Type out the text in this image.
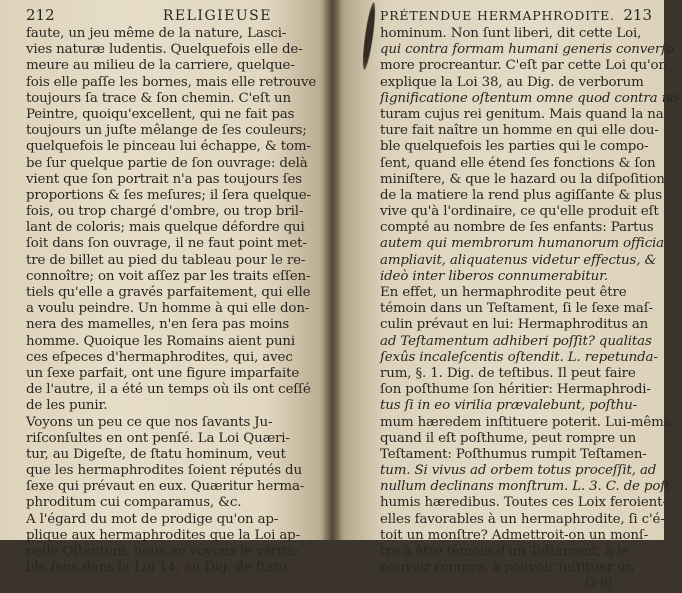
212	RELIGIEUSE
faute, un jeu même de la nature, Lasci-
vies naturæ ludentis. Quelquefois elle de-
meure au milieu de la carriere, quelque-
fois elle paſſe les bornes, mais elle retrouve
toujours ſa trace & ſon chemin. C'eſt un
Peintre, quoiqu'excellent, qui ne fait pas
toujours un juſte mêlange de ſes couleurs;
quelquefois le pinceau lui échappe, & tom-
be ſur quelque partie de ſon ouvrage: delà
vient que ſon portrait n'a pas toujours ſes
proportions & ſes meſures; il ſera quelque-
fois, ou trop chargé d'ombre, ou trop bril-
lant de coloris; mais quelque défordre qui
ſoit dans ſon ouvrage, il ne faut point met-
tre de billet au pied du tableau pour le re-
connoître; on voit aſſez par les traits eſſen-
tiels qu'elle a gravés parfaitement, qui elle
a voulu peindre. Un homme à qui elle don-
nera des mamelles, n'en ſera pas moins
homme. Quoique les Romains aient puni
ces eſpeces d'hermaphrodites, qui, avec
un ſexe parfait, ont une figure imparfaite
de l'autre, il a été un temps où ils ont ceſſé
de les punir.
Voyons un peu ce que nos ſavants Ju-
riſconſultes en ont penſé. La Loi Quæri-
tur, au Digeſte, de ſtatu hominum, veut
que les hermaphrodites ſoient réputés du
ſexe qui prévaut en eux. Quæritur herma-
phroditum cui comparamus, &c.
A l'égard du mot de prodige qu'on ap-
plique aux hermaphrodites que la Loi ap-
pelle Oſtentum, nous en voyons le vérita-
ble ſens dans la Loi 14, au Dig. de ſtatu
PRÉTENDUE HERMAPHRODITE. 213
hominum. Non ſunt liberi, dit cette Loi,
qui contra formam humani generis converſo
more procreantur. C'eſt par cette Loi qu'on
explique la Loi 38, au Dig. de verborum
ſignificatione oſtentum omne quod contra na-
turam cujus rei genitum. Mais quand la na-
ture fait naître un homme en qui elle dou-
ble quelquefois les parties qui le compo-
ſent, quand elle étend ſes fonctions & ſon
miniſtere, & que le hazard ou la diſpoſition
de la matiere la rend plus agiſſante & plus
vive qu'à l'ordinaire, ce qu'elle produit eſt
compté au nombre de ſes enfants: Partus
autem qui membrorum humanorum officia
ampliavit, aliquatenus videtur effectus, &
ideò inter liberos connumerabitur.
En effet, un hermaphrodite peut être
témoin dans un Teſtament, ſi le ſexe maſ-
culin prévaut en lui: Hermaphroditus an
ad Teſtamentum adhiberi poſſit? qualitas
ſexûs incaleſcentis oſtendit. L. repetunda-
rum, §. 1. Dig. de teſtibus. Il peut faire
ſon poſthume ſon héritier: Hermaphrodi-
tus ſi in eo virilia prævalebunt, poſthu-
mum hæredem inſtituere poterit. Lui-même
quand il eſt poſthume, peut rompre un
Teſtament: Poſthumus rumpit Teſtamen-
tum. Si vivus ad orbem totus proceſſit, ad
nullum declinans monſtrum. L. 3. C. de poſt-
humis hæredibus. Toutes ces Loix feroient-
elles favorables à un hermaphrodite, ſi c'é-
toit un monſtre? Admettroit-on un monſ-
tre à être témoin d'un Teſtament, à le
pouvoir rompre, à pouvoir inſtituer un
O iij
